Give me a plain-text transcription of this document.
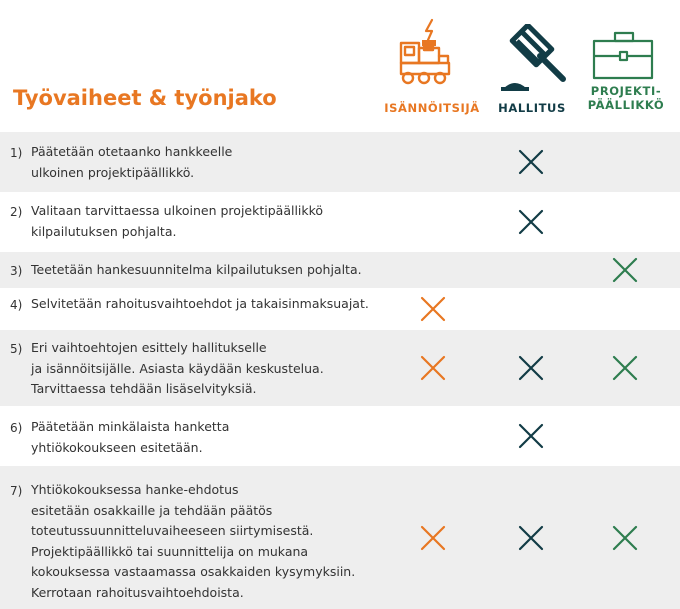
Työvaiheet & työnjako	ISÄNNÖITSIJÄ	HALLITUS
PROJEKTI-
PÄÄLLIKKÖ
1) Päätetään otetaanko hankkeelle
ulkoinen projektipäällikkö.
2) Valitaan tarvittaessa ulkoinen projektipäällikkö
kilpailutuksen pohjalta.
3) Teetetään hankesuunnitelma kilpailutuksen pohjalta.
4) Selvitetään rahoitusvaihtoehdot ja takaisinmaksuajat.
5) Eri vaihtoehtojen esittely hallitukselle
ja isännöitsijälle. Asiasta käydään keskustelua.
Tarvittaessa tehdään lisäselvityksiä.
6) Päätetään minkälaista hanketta
yhtiökokoukseen esitetään.
7) Yhtiökokouksessa hanke-ehdotus
esitetään osakkaille ja tehdään päätös
toteutussuunnitteluvaiheeseen siirtymisestä.
Projektipäällikkö tai suunnittelija on mukana
kokouksessa vastaamassa osakkaiden kysymyksiin.
Kerrotaan rahoitusvaihtoehdoista.
